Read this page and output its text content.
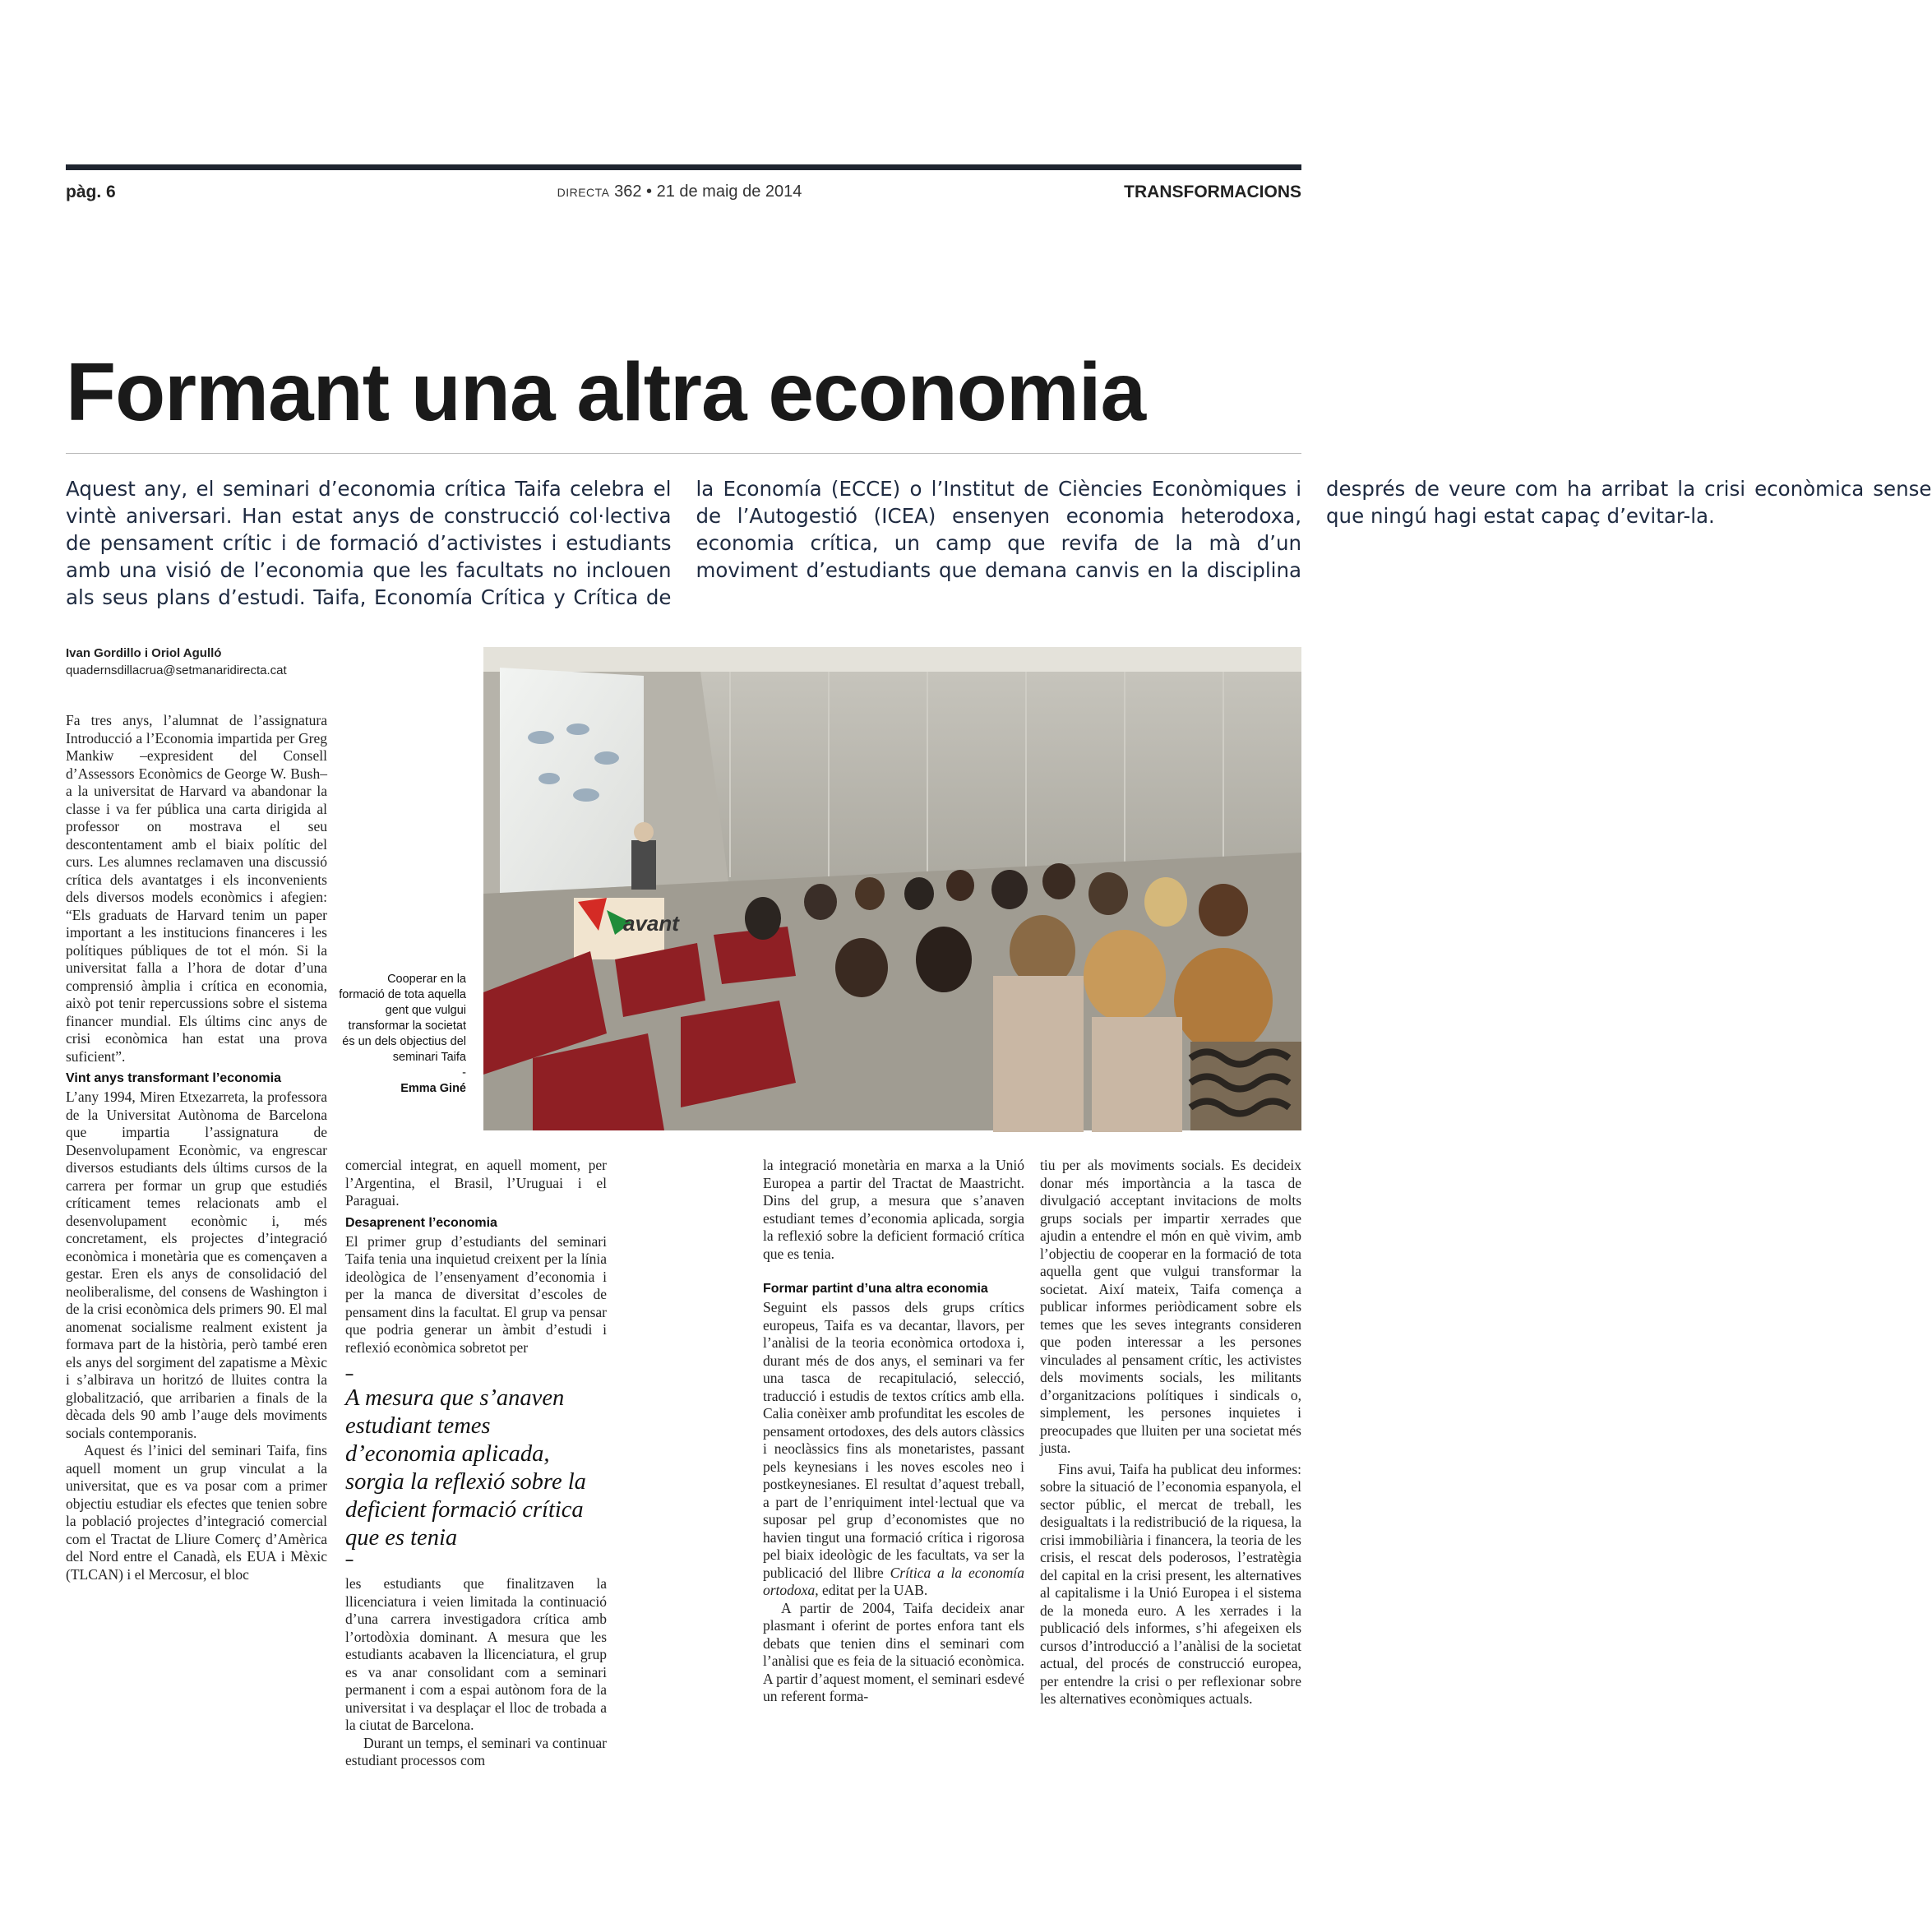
pàg. 6	DIRECTA 362 • 21 de maig de 2014	TRANSFORMACIONS
Formant una altra economia
Aquest any, el seminari d’economia crítica Taifa celebra el vintè aniversari. Han estat anys de construcció col·lectiva de pensament crític i de formació d’activistes i estudiants amb una visió de l’economia que les facultats no inclouen als seus plans d’estudi. Taifa, Economía Crítica y Crítica de la Economía (ECCE) o l’Institut de Ciències Econòmiques i de l’Autogestió (ICEA) ensenyen economia heterodoxa, economia crítica, un camp que revifa de la mà d’un moviment d’estudiants que demana canvis en la disciplina després de veure com ha arribat la crisi econòmica sense que ningú hagi estat capaç d’evitar-la.
Ivan Gordillo i Oriol Agulló
quadernsdillacrua@setmanaridirecta.cat
avant
Cooperar en la formació de tota aquella gent que vulgui transformar la societat és un dels objectius del seminari Taifa
-
Emma Giné

Fa tres anys, l’alumnat de l’assignatura Introducció a l’Economia impartida per Greg Mankiw –expresident del Consell d’Assessors Econòmics de George W. Bush– a la universitat de Harvard va abandonar la classe i va fer pública una carta dirigida al professor on mostrava el seu descontentament amb el biaix polític del curs. Les alumnes reclamaven una discussió crítica dels avantatges i els inconvenients dels diversos models econòmics i afegien: “Els graduats de Harvard tenim un paper important a les institucions financeres i les polítiques públiques de tot el món. Si la universitat falla a l’hora de dotar d’una comprensió àmplia i crítica en economia, això pot tenir repercussions sobre el sistema financer mundial. Els últims cinc anys de crisi econòmica han estat una prova suficient”.

Vint anys transformant l’economia

L’any 1994, Miren Etxezarreta, la professora de la Universitat Autònoma de Barcelona que impartia l’assignatura de Desenvolupament Econòmic, va engrescar diversos estudiants dels últims cursos de la carrera per formar un grup que estudiés críticament temes relacionats amb el desenvolupament econòmic i, més concretament, els projectes d’integració econòmica i monetària que es començaven a gestar. Eren els anys de consolidació del neoliberalisme, del consens de Washington i de la crisi econòmica dels primers 90. El mal anomenat socialisme realment existent ja formava part de la història, però també eren els anys del sorgiment del zapatisme a Mèxic i s’albirava un horitzó de lluites contra la globalització, que arribarien a finals de la dècada dels 90 amb l’auge dels moviments socials contemporanis.

Aquest és l’inici del seminari Taifa, fins aquell moment un grup vinculat a la universitat, que es va posar com a primer objectiu estudiar els efectes que tenien sobre la població projectes d’integració comercial com el Tractat de Lliure Comerç d’Amèrica del Nord entre el Canadà, els EUA i Mèxic (TLCAN) i el Mercosur, el bloc

comercial integrat, en aquell moment, per l’Argentina, el Brasil, l’Uruguai i el Paraguai.

Desaprenent l’economia

El primer grup d’estudiants del seminari Taifa tenia una inquietud creixent per la línia ideològica de l’ensenyament d’economia i per la manca de diversitat d’escoles de pensament dins la facultat. El grup va pensar que podria generar un àmbit d’estudi i reflexió econòmica sobretot per

–
A mesura que s’anaven estudiant temes d’economia aplicada, sorgia la reflexió sobre la deficient formació crítica que es tenia
–

les estudiants que finalitzaven la llicenciatura i veien limitada la continuació d’una carrera investigadora crítica amb l’ortodòxia dominant. A mesura que les estudiants acabaven la llicenciatura, el grup es va anar consolidant com a seminari permanent i com a espai autònom fora de la universitat i va desplaçar el lloc de trobada a la ciutat de Barcelona.

Durant un temps, el seminari va continuar estudiant processos com

la integració monetària en marxa a la Unió Europea a partir del Tractat de Maastricht. Dins del grup, a mesura que s’anaven estudiant temes d’economia aplicada, sorgia la reflexió sobre la deficient formació crítica que es tenia.

Formar partint d’una altra economia

Seguint els passos dels grups crítics europeus, Taifa es va decantar, llavors, per l’anàlisi de la teoria econòmica ortodoxa i, durant més de dos anys, el seminari va fer una tasca de recapitulació, selecció, traducció i estudis de textos crítics amb ella. Calia conèixer amb profunditat les escoles de pensament ortodoxes, des dels autors clàssics i neoclàssics fins als monetaristes, passant pels keynesians i les noves escoles neo i postkeynesianes. El resultat d’aquest treball, a part de l’enriquiment intel·lectual que va suposar pel grup d’economistes que no havien tingut una formació crítica i rigorosa pel biaix ideològic de les facultats, va ser la publicació del llibre Crítica a la economía ortodoxa, editat per la UAB.

A partir de 2004, Taifa decideix anar plasmant i oferint de portes enfora tant els debats que tenien dins el seminari com l’anàlisi que es feia de la situació econòmica. A partir d’aquest moment, el seminari esdevé un referent forma-

tiu per als moviments socials. Es decideix donar més importància a la tasca de divulgació acceptant invitacions de molts grups socials per impartir xerrades que ajudin a entendre el món en què vivim, amb l’objectiu de cooperar en la formació de tota aquella gent que vulgui transformar la societat. Així mateix, Taifa comença a publicar informes periòdicament sobre els temes que les seves integrants consideren que poden interessar a les persones vinculades al pensament crític, les activistes dels moviments socials, les militants d’organitzacions polítiques i sindicals o, simplement, les persones inquietes i preocupades que lluiten per una societat més justa.

Fins avui, Taifa ha publicat deu informes: sobre la situació de l’economia espanyola, el sector públic, el mercat de treball, les desigualtats i la redistribució de la riquesa, la crisi immobiliària i financera, la teoria de les crisis, el rescat dels poderosos, l’estratègia del capital en la crisi present, les alternatives al capitalisme i la Unió Europea i el sistema de la moneda euro. A les xerrades i la publicació dels informes, s’hi afegeixen els cursos d’introducció a l’anàlisi de la societat actual, del procés de construcció europea, per entendre la crisi o per reflexionar sobre les alternatives econòmiques actuals.
